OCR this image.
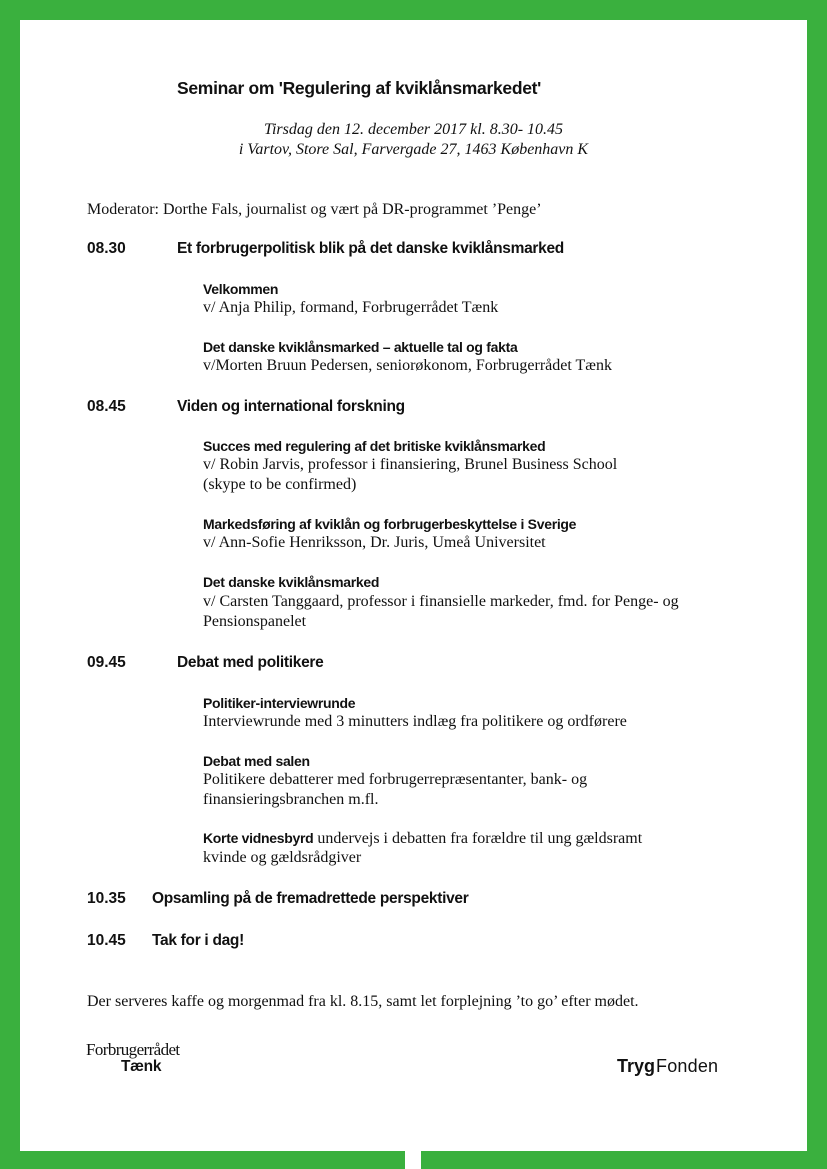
Seminar om 'Regulering af kviklånsmarkedet'
Tirsdag den 12. december 2017 kl. 8.30- 10.45
i Vartov, Store Sal, Farvergade 27, 1463 København K
Moderator: Dorthe Fals, journalist og vært på DR-programmet ’Penge’
08.30	Et forbrugerpolitisk blik på det danske kviklånsmarked
Velkommen
v/ Anja Philip, formand, Forbrugerrådet Tænk
Det danske kviklånsmarked – aktuelle tal og fakta
v/Morten Bruun Pedersen, seniorøkonom, Forbrugerrådet Tænk
08.45	Viden og international forskning
Succes med regulering af det britiske kviklånsmarked
v/ Robin Jarvis, professor i finansiering, Brunel Business School
(skype to be confirmed)
Markedsføring af kviklån og forbrugerbeskyttelse i Sverige
v/ Ann-Sofie Henriksson, Dr. Juris, Umeå Universitet
Det danske kviklånsmarked
v/ Carsten Tanggaard, professor i finansielle markeder, fmd. for Penge- og
Pensionspanelet
09.45	Debat med politikere
Politiker-interviewrunde
Interviewrunde med 3 minutters indlæg fra politikere og ordførere
Debat med salen
Politikere debatterer med forbrugerrepræsentanter, bank- og
finansieringsbranchen m.fl.
Korte vidnesbyrd undervejs i debatten fra forældre til ung gældsramt
kvinde og gældsrådgiver
10.35 Opsamling på de fremadrettede perspektiver
10.45 Tak for i dag!
Der serveres kaffe og morgenmad fra kl. 8.15, samt let forplejning ’to go’ efter mødet.
Forbrugerrådet
Tænk	TrygFonden
